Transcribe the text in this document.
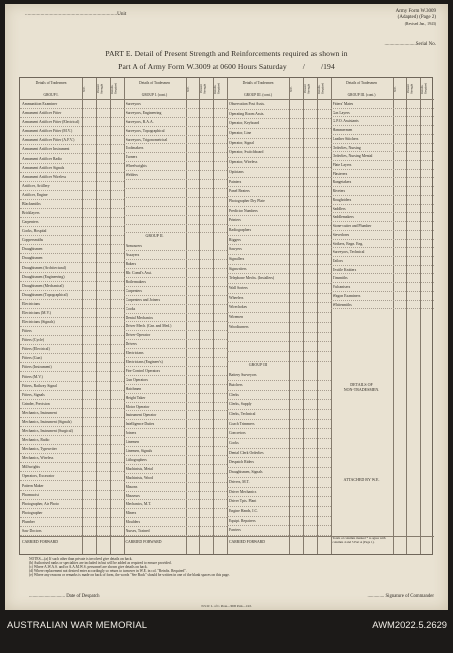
.......................................................................Unit	Army Form W.3009
(Adapted) (Page 2)
(Revised Jan., 1943)
.........................Serial No.
PART E. Detail of Present Strength and Reinforcements required as shown in
Part A of Army Form W.3009 at 0600 Hours Saturday        /        /194
Details of Tradesmen
GROUP I.
W.E.	Present Strength	Reinfts. Required
Ammunition Examiner
Armament Artificer Fitter
Armament Artificer Fitter (Electrical)
Armament Artificer Fitter (M.V.)
Armament Artificer Fitter (A.F.V.)
Armament Artificer Instrument
Armament Artificer Radio
Armament Artificer Signals
Armament Artificer Wireless
Artificer, Artillery
Artificer, Engine
Blacksmiths
Bricklayers
Carpenters
Cooks, Hospital
Coppersmiths
Draughtsmen
Draughtsmen
Draughtsmen (Architectural)
Draughtsmen (Engineering)
Draughtsmen (Mechanical)
Draughtsmen (Topographical)
Electricians
Electricians (M.V.)
Electricians (Signals)
Fitters
Fitters (Cycle)
Fitters (Electrical)
Fitters (Gun)
Fitters (Instrument)
Fitters (M.V.)
Fitters, Railway Signal
Fitters, Signals
Grinder, Precision
Mechanics, Instrument
Mechanics, Instrument (Signals)
Mechanics, Instrument (Surgical)
Mechanics, Radio
Mechanics, Typewriter
Mechanics, Wireless
Millwrights
Operators, Excavator
Pattern Maker
Pharmacist
Photographer, Air Photo
Photographer
Plumber
Saw Doctors
CARRIED FORWARD
Details of Tradesmen
GROUP I. (cont.)
W.E.	Present Strength	Reinfts. Required
Surveyors
Surveyors, Engineering
Surveyors, R.A.A.
Surveyors, Topographical
Surveyors, Trigonometrical
Toolmakers
Turners
Wheelwrights
Welders
GROUP II.
Armourers
Assayers
Bakers
Blr. Comd's Asst.
Boilermakers
Carpenters
Carpenters and Joiners
Cooks
Dental Mechanics
Driver Mech. (Gnr. and Med.)
Driver-Operator
Drivers
Electricians
Electricians (Engineer's)
Fire Control Operators
Gun Operators
Hatchmen
Height Taker
Motor Operator
Instrument Operator
Intelligence Duties
Joiners
Linemen
Linemen, Signals
Lithographers
Machinists, Metal
Machinists, Wood
Masons
Masseurs
Mechanics, M.T.
Miners
Moulders
Nurses, Trained
CARRIED FORWARD
Details of Tradesmen
GROUP III. (cont.)
W.E.	Present Strength	Reinfts. Required
Observation Post Assts.
Operating Room Assts.
Operator, Keyboard
Operator, Line
Operator, Signal
Operator, Switchboard
Operator, Wireless
Opticians
Painters
Panel Beaters
Photographer Dry Plate
Predictor Numbers
Printers
Radiographers
Riggers
Sawyers
Signallers
Signwriters
Telephone Mechs. (Installers)
Wall Sorters
Wheelers
Wirechokes
Wiremen
Woodturners
GROUP III
Battery Surveyors
Butchers
Clerks
Clerks, Supply
Clerks, Technical
Coach Trimmers
Concretors
Cooks
Dental Clerk Orderlies
Despatch Riders
Draughtsmen, Signals
Drivers, M.T.
Driver Mechanics
Driver Tpts. Plant
Engine Hands, I.C.
Equipt. Repairers
Farriers
CARRIED FORWARD
Details of Tradesmen
GROUP III. (cont.)
W.E.	Present Strength	Reinfts. Required
Fitters' Mates
Gas Layers
G.P.O. Assistants
Hammermen
Leather Stitchers
Orderlies, Nursing
Orderlies, Nursing Mental
Plate Layers
Plasterers
Rangetakers
Riveters
Roughriders
Saddlers
Saddlemakers
Stone-cutter and Plumber
Stevedores
Strikers, Engn. Eng.
Surveyors, Technical
Tailors
Textile Knitters
Tinsmiths
Vulcanisers
Wagon Examiners
Whitesmiths
Totals of columns marked * to agree with columns 4 and 5 Part A (Page 1).
DETAILS OF
NON-TRADESMEN.
ATTACHED BY W.E.
NOTES—(a) If such other than private is involved give details on back.
(b) Authorised ranks or specialties are included in but will be added as required to ensure provided.
(c) Where A.W.A.S. and/or A.A.M.W.S. personnel are shown give details on back.
(d) Where replacement not desired enter accordingly so return to turnover in W.E. in col. "Reinfts. Required".
(e) Where any reasons or remarks is made on back of form, the words "See Back" should be written in one of the blank spaces on this page.
.............................. Date of Despatch	.............. Signature of Commander
N.S.W. L. of C. Press—3000 Pads—1/43.
AUSTRALIAN WAR MEMORIAL	AWM2022.5.2629
